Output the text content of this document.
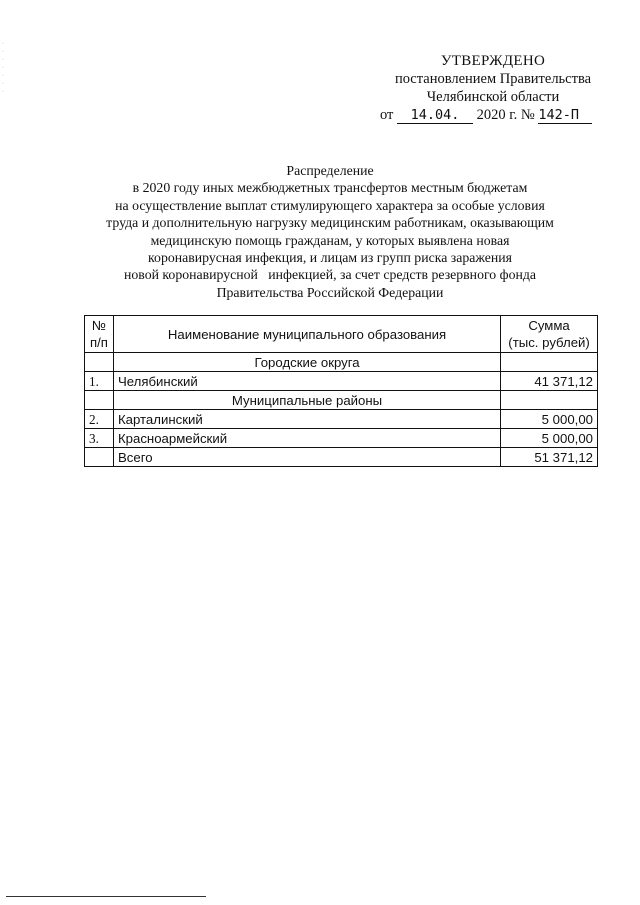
·
·
·
·
·
·
·
УТВЕРЖДЕНО
постановлением Правительства
Челябинской области
от 14.04. 2020 г. № 142-П
Распределение
в 2020 году иных межбюджетных трансфертов местным бюджетам
на осуществление выплат стимулирующего характера за особые условия
труда и дополнительную нагрузку медицинским работникам, оказывающим
медицинскую помощь гражданам, у которых выявлена новая
коронавирусная инфекция, и лицам из групп риска заражения
новой коронавирусной   инфекцией, за счет средств резервного фонда
Правительства Российской Федерации
№
п/п	Наименование муниципального образования	Сумма
(тыс. рублей)
	Городские округа	
1.	Челябинский	41 371,12
	Муниципальные районы	
2.	Карталинский	5 000,00
3.	Красноармейский	5 000,00
	Всего	51 371,12
